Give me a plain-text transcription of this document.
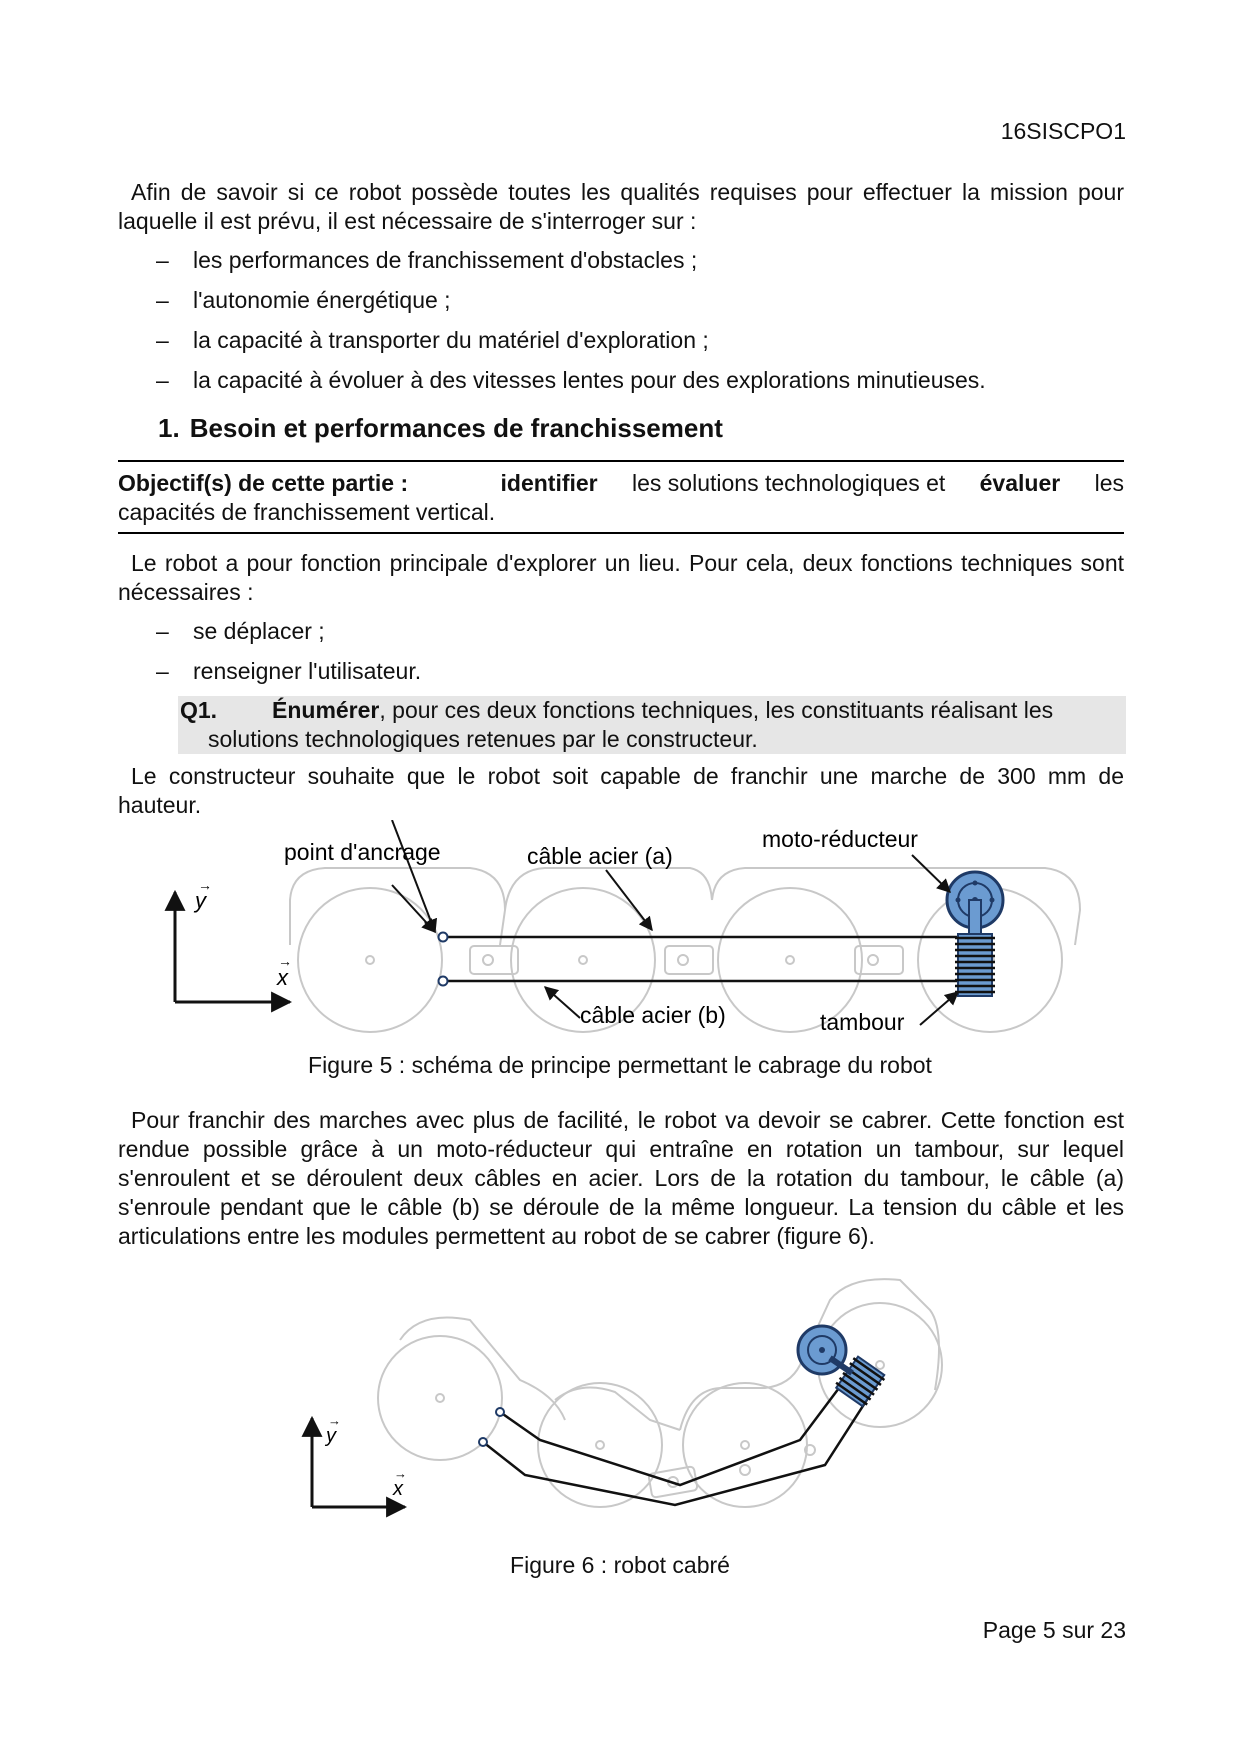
16SISCPO1

Afin de savoir si ce robot possède toutes les qualités requises pour effectuer la mission pour laquelle il est prévu, il est nécessaire de s'interroger sur :

– les performances de franchissement d'obstacles ;
– l'autonomie énergétique ;
– la capacité à transporter du matériel d'exploration ;
– la capacité à évoluer à des vitesses lentes pour des explorations minutieuses.
1. Besoin et performances de franchissement
Objectif(s) de cette partie :	identifier les solutions technologiques et évaluer les
capacités de franchissement vertical.

Le robot a pour fonction principale d'explorer un lieu. Pour cela, deux fonctions techniques sont nécessaires :

– se déplacer ;
– renseigner l'utilisateur.
Q1.	Énumérer, pour ces deux fonctions techniques, les constituants réalisant les
solutions technologiques retenues par le constructeur.

Le constructeur souhaite que le robot soit capable de franchir une marche de 300 mm de hauteur.

y
x
→
→
point d'ancrage	câble acier (a)
moto-réducteur
câble acier (b)	tambour
Figure 5 : schéma de principe permettant le cabrage du robot

Pour franchir des marches avec plus de facilité, le robot va devoir se cabrer. Cette fonction est rendue possible grâce à un moto-réducteur qui entraîne en rotation un tambour, sur lequel s'enroulent et se déroulent deux câbles en acier. Lors de la rotation du tambour, le câble (a) s'enroule pendant que le câble (b) se déroule de la même longueur. La tension du câble et les articulations entre les modules permettent au robot de se cabrer (figure 6).

y
x
→
→
Figure 6 : robot cabré
Page 5 sur 23
